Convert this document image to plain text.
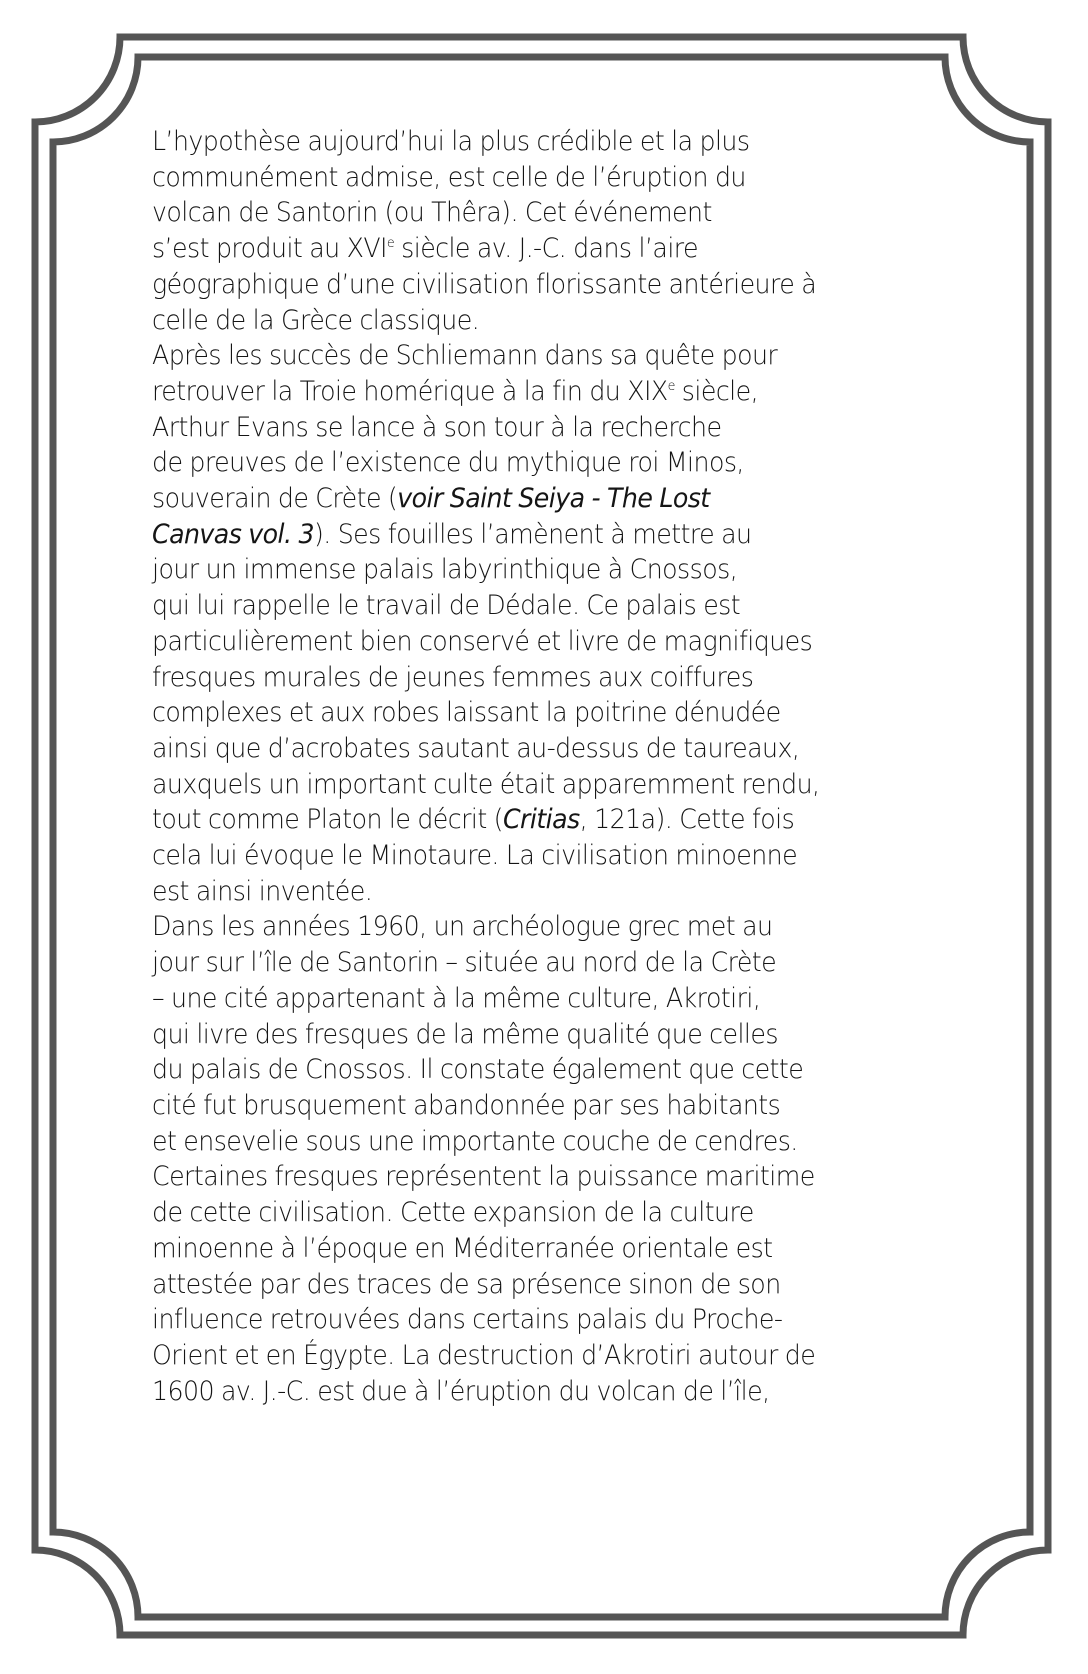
L’hypothèse aujourd’hui la plus crédible et la plus
communément admise, est celle de l’éruption du
volcan de Santorin (ou Thêra). Cet événement
s’est produit au XVIe siècle av. J.-C. dans l’aire
géographique d’une civilisation florissante antérieure à
celle de la Grèce classique.
Après les succès de Schliemann dans sa quête pour
retrouver la Troie homérique à la fin du XIXe siècle,
Arthur Evans se lance à son tour à la recherche
de preuves de l’existence du mythique roi Minos,
souverain de Crète (voir Saint Seiya - The Lost
Canvas vol. 3). Ses fouilles l’amènent à mettre au
jour un immense palais labyrinthique à Cnossos,
qui lui rappelle le travail de Dédale. Ce palais est
particulièrement bien conservé et livre de magnifiques
fresques murales de jeunes femmes aux coiffures
complexes et aux robes laissant la poitrine dénudée
ainsi que d’acrobates sautant au-dessus de taureaux,
auxquels un important culte était apparemment rendu,
tout comme Platon le décrit (Critias, 121a). Cette fois
cela lui évoque le Minotaure. La civilisation minoenne
est ainsi inventée.
Dans les années 1960, un archéologue grec met au
jour sur l’île de Santorin – située au nord de la Crète
– une cité appartenant à la même culture, Akrotiri,
qui livre des fresques de la même qualité que celles
du palais de Cnossos. Il constate également que cette
cité fut brusquement abandonnée par ses habitants
et ensevelie sous une importante couche de cendres.
Certaines fresques représentent la puissance maritime
de cette civilisation. Cette expansion de la culture
minoenne à l’époque en Méditerranée orientale est
attestée par des traces de sa présence sinon de son
influence retrouvées dans certains palais du Proche-
Orient et en Égypte. La destruction d’Akrotiri autour de
1600 av. J.-C. est due à l’éruption du volcan de l’île,
